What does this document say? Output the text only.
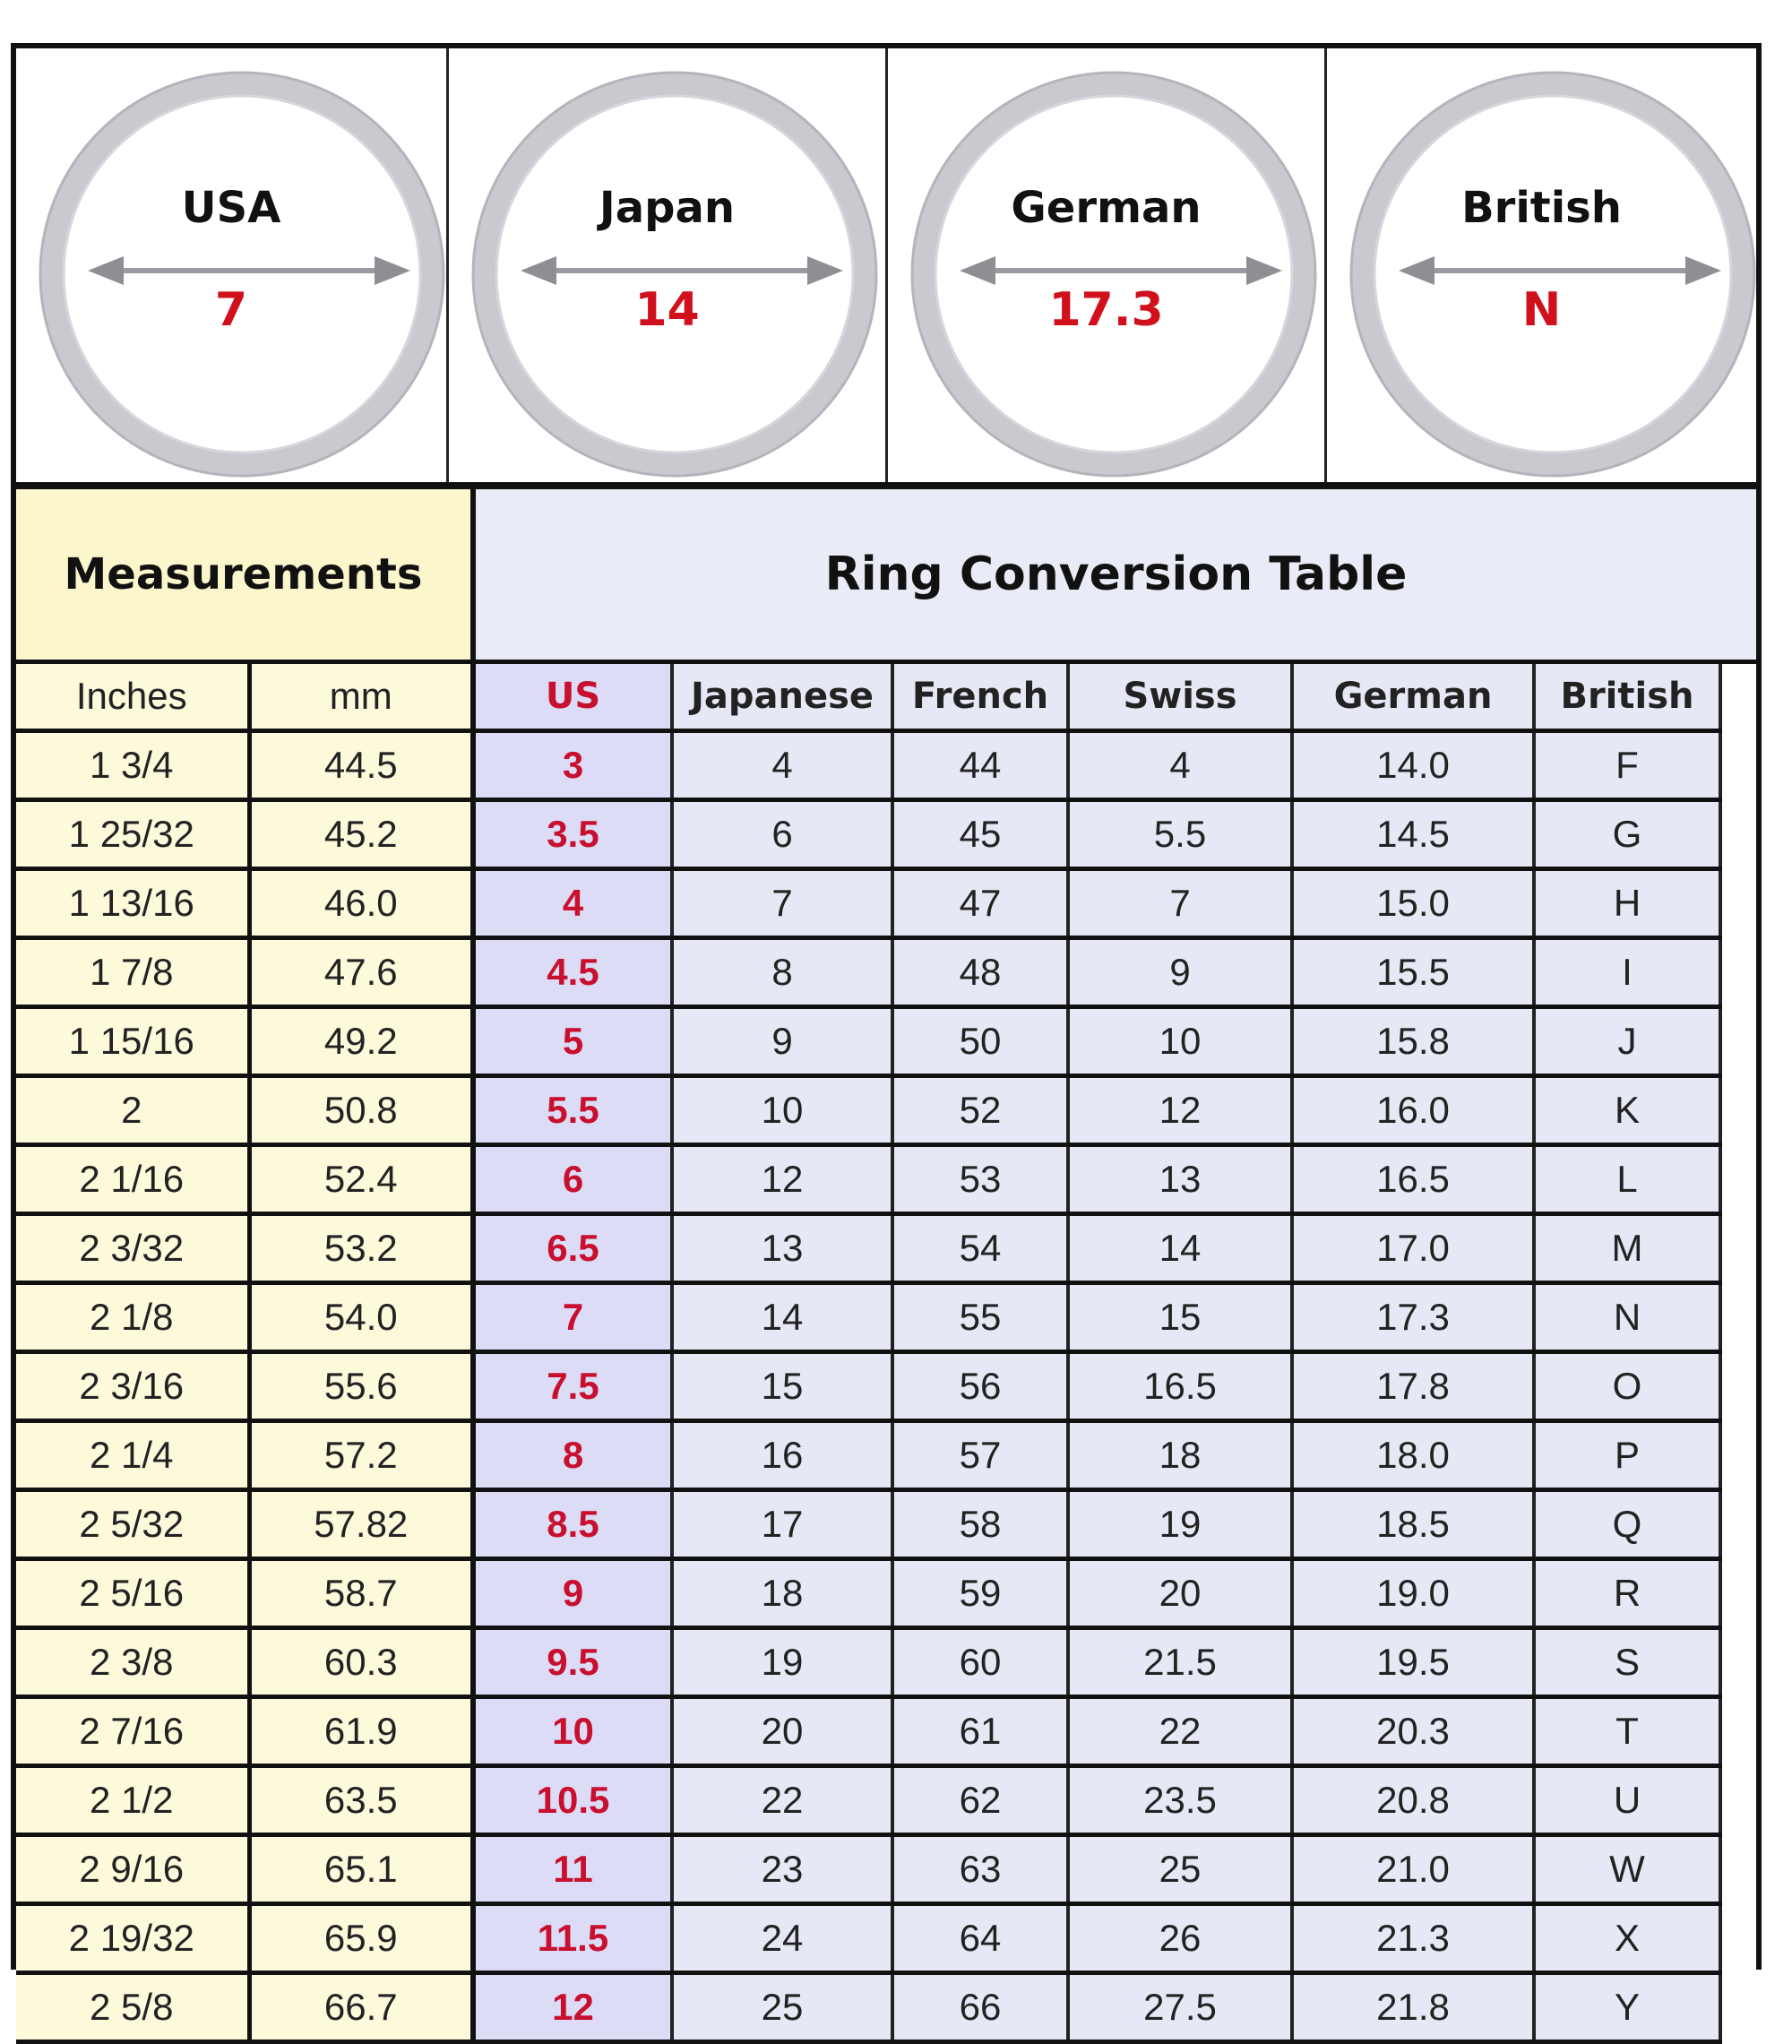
USA
7
Japan
14
German
17.3
British
N
Measurements		Ring Conversion Table						
Inches	mm	US	Japanese	French	Swiss	German	British	
1 3/4	44.5	3	4	44	4	14.0	F	
1 25/32	45.2	3.5	6	45	5.5	14.5	G	
1 13/16	46.0	4	7	47	7	15.0	H	
1 7/8	47.6	4.5	8	48	9	15.5	I	
1 15/16	49.2	5	9	50	10	15.8	J	
2	50.8	5.5	10	52	12	16.0	K	
2 1/16	52.4	6	12	53	13	16.5	L	
2 3/32	53.2	6.5	13	54	14	17.0	M	
2 1/8	54.0	7	14	55	15	17.3	N	
2 3/16	55.6	7.5	15	56	16.5	17.8	O	
2 1/4	57.2	8	16	57	18	18.0	P	
2 5/32	57.82	8.5	17	58	19	18.5	Q	
2 5/16	58.7	9	18	59	20	19.0	R	
2 3/8	60.3	9.5	19	60	21.5	19.5	S	
2 7/16	61.9	10	20	61	22	20.3	T	
2 1/2	63.5	10.5	22	62	23.5	20.8	U	
2 9/16	65.1	11	23	63	25	21.0	W	
2 19/32	65.9	11.5	24	64	26	21.3	X	
2 5/8	66.7	12	25	66	27.5	21.8	Y	
